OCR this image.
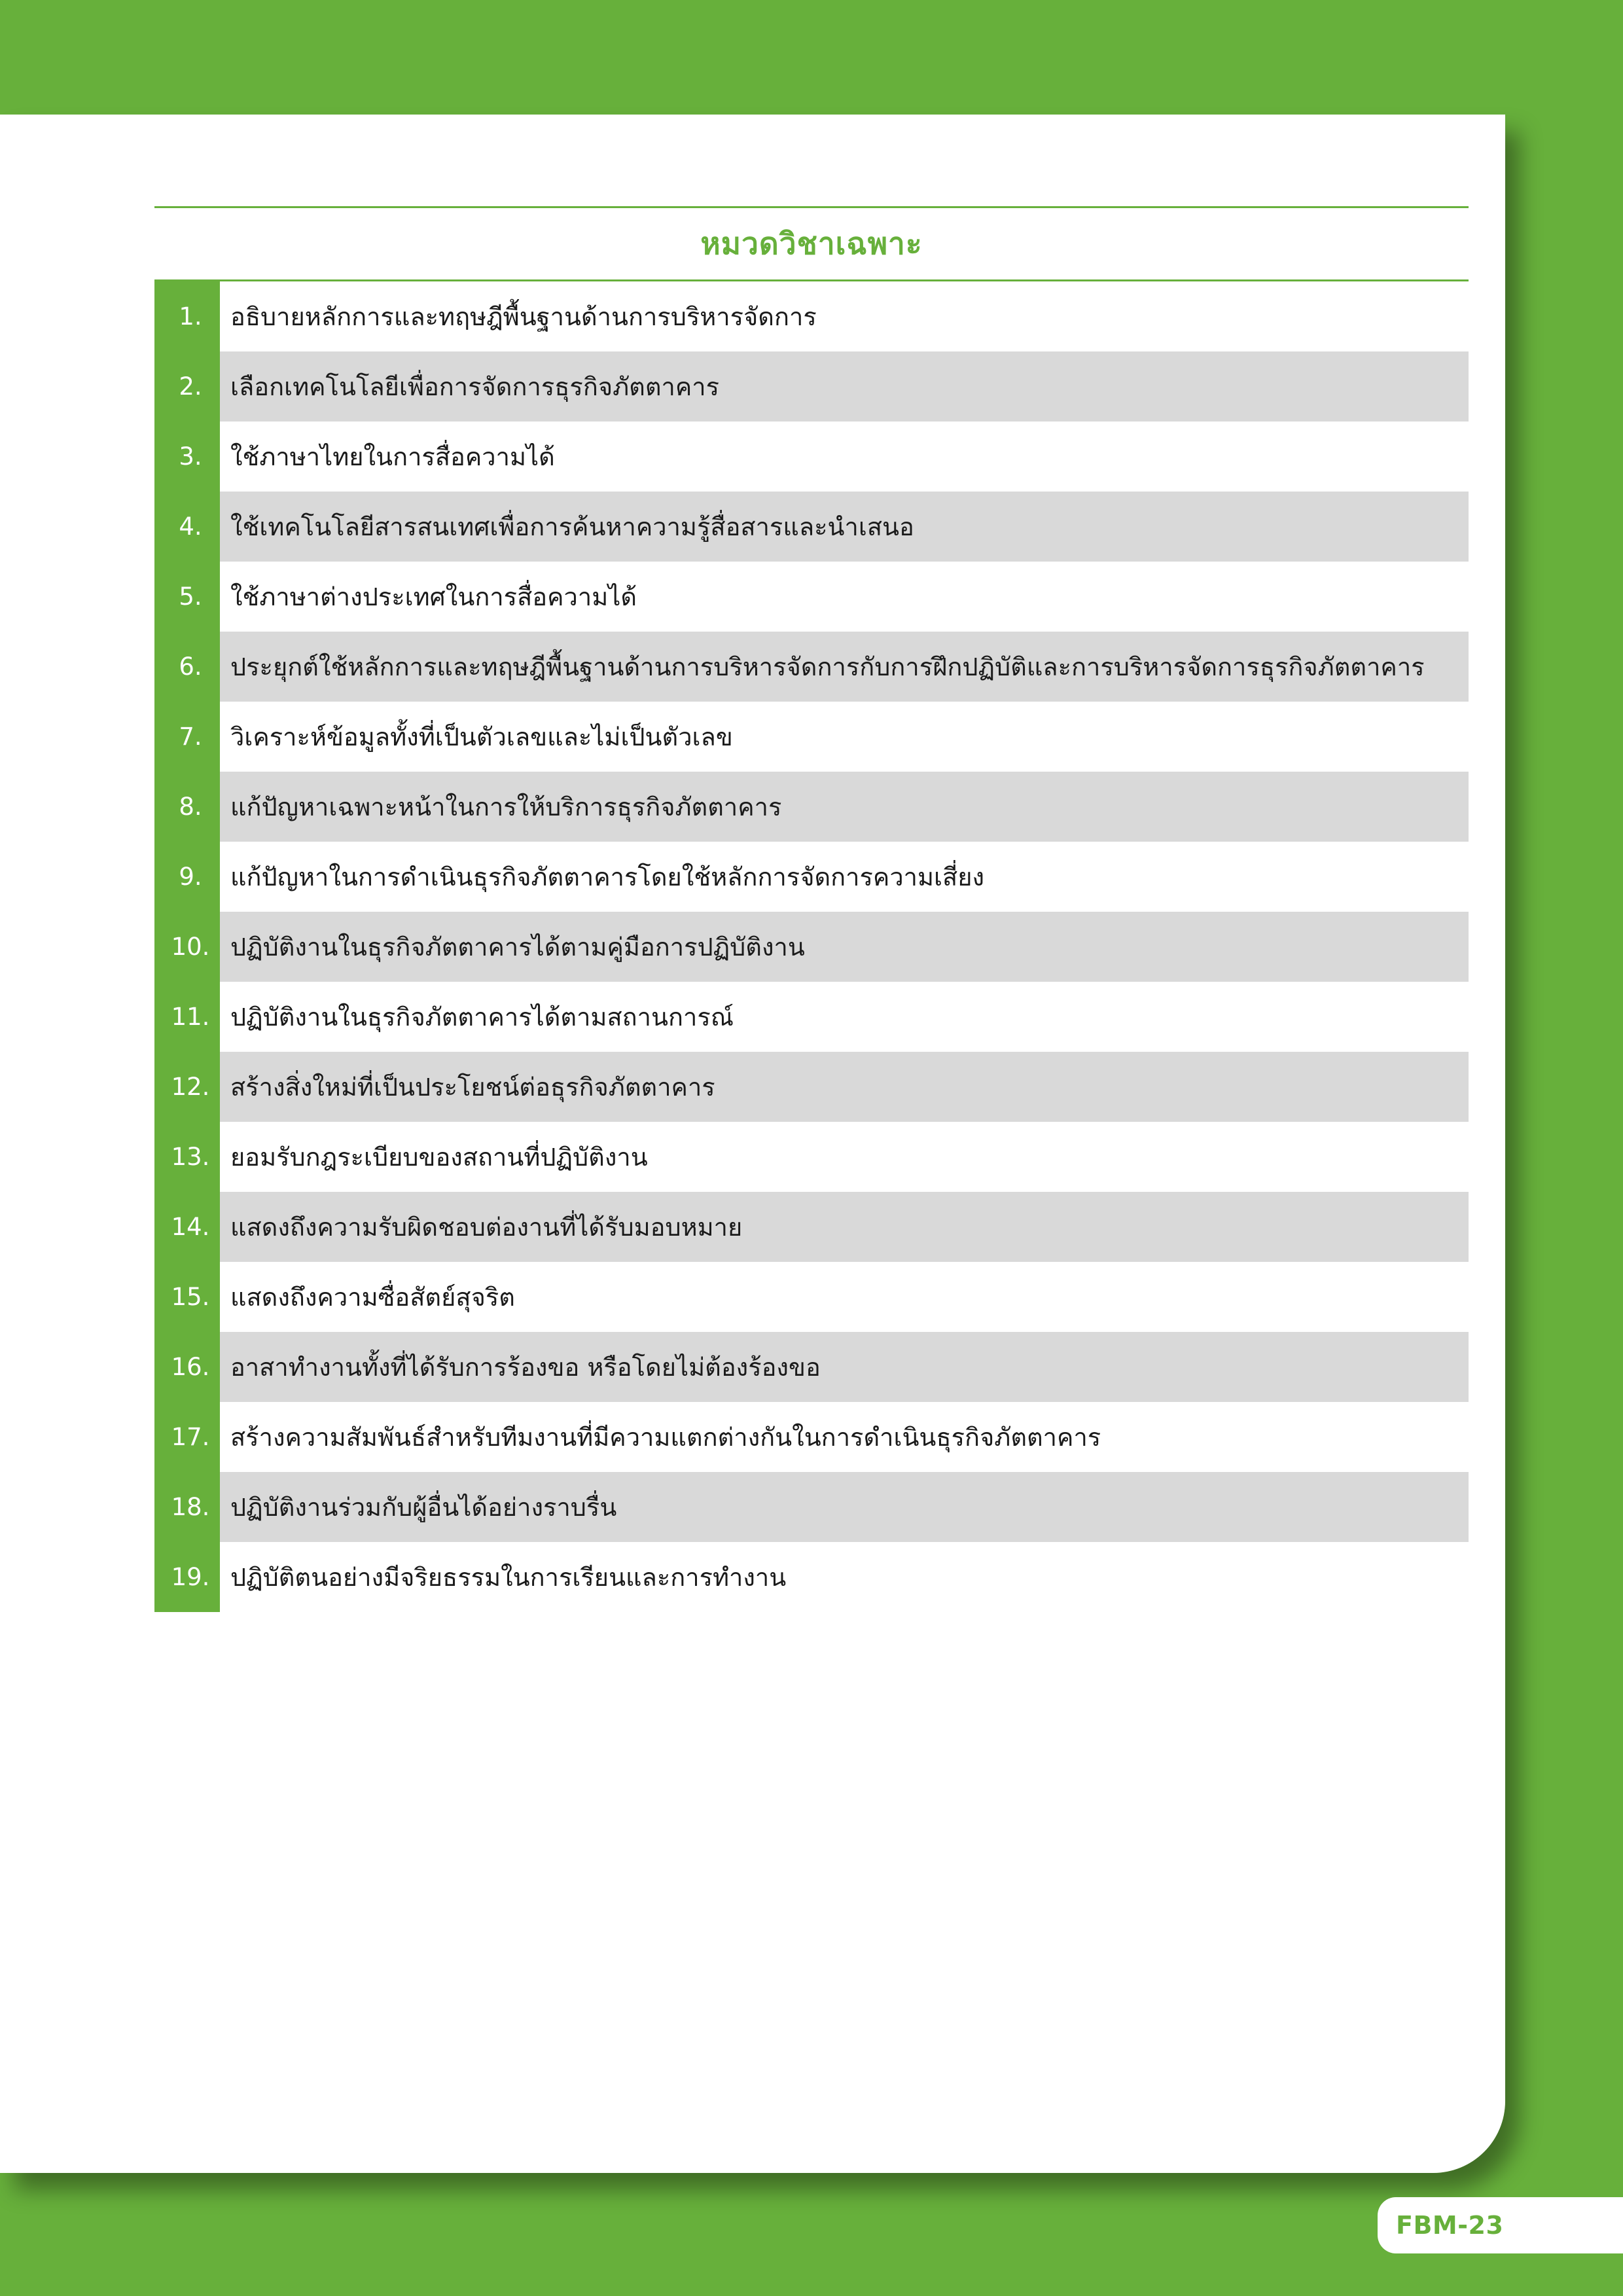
หมวดวิชาเฉพาะ
1.	อธิบายหลักการและทฤษฎีพื้นฐานด้านการบริหารจัดการ
2.	เลือกเทคโนโลยีเพื่อการจัดการธุรกิจภัตตาคาร
3.	ใช้ภาษาไทยในการสื่อความได้
4.	ใช้เทคโนโลยีสารสนเทศเพื่อการค้นหาความรู้สื่อสารและนำเสนอ
5.	ใช้ภาษาต่างประเทศในการสื่อความได้
6.	ประยุกต์ใช้หลักการและทฤษฎีพื้นฐานด้านการบริหารจัดการกับการฝึกปฏิบัติและการบริหารจัดการธุรกิจภัตตาคาร
7.	วิเคราะห์ข้อมูลทั้งที่เป็นตัวเลขและไม่เป็นตัวเลข
8.	แก้ปัญหาเฉพาะหน้าในการให้บริการธุรกิจภัตตาคาร
9.	แก้ปัญหาในการดำเนินธุรกิจภัตตาคารโดยใช้หลักการจัดการความเสี่ยง
10. ปฏิบัติงานในธุรกิจภัตตาคารได้ตามคู่มือการปฏิบัติงาน
11. ปฏิบัติงานในธุรกิจภัตตาคารได้ตามสถานการณ์
12. สร้างสิ่งใหม่ที่เป็นประโยชน์ต่อธุรกิจภัตตาคาร
13. ยอมรับกฎระเบียบของสถานที่ปฏิบัติงาน
14. แสดงถึงความรับผิดชอบต่องานที่ได้รับมอบหมาย
15. แสดงถึงความซื่อสัตย์สุจริต
16. อาสาทำงานทั้งที่ได้รับการร้องขอ หรือโดยไม่ต้องร้องขอ
17. สร้างความสัมพันธ์สำหรับทีมงานที่มีความแตกต่างกันในการดำเนินธุรกิจภัตตาคาร
18. ปฏิบัติงานร่วมกับผู้อื่นได้อย่างราบรื่น
19. ปฏิบัติตนอย่างมีจริยธรรมในการเรียนและการทำงาน
FBM-23
